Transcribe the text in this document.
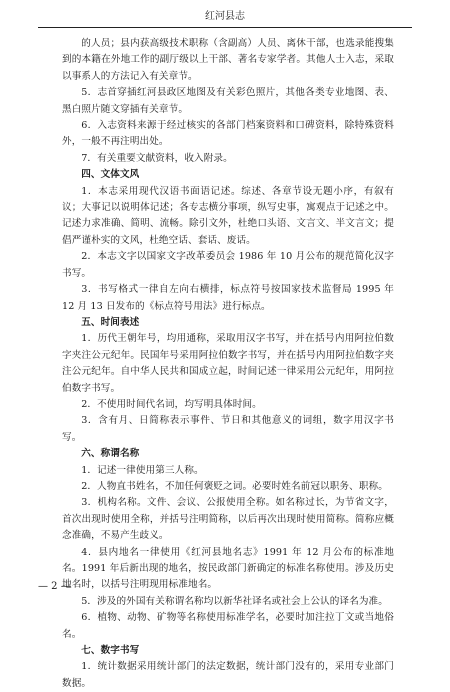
红河县志

的人员；县内获高级技术职称（含副高）人员、离休干部，也选录能搜集到的本籍在外地工作的副厅级以上干部、著名专家学者。其他人士入志，采取以事系人的方法记入有关章节。

5．志首穿插红河县政区地图及有关彩色照片，其他各类专业地图、表、黑白照片随文穿插有关章节。

6．入志资料来源于经过核实的各部门档案资料和口碑资料，除特殊资料外，一般不再注明出处。

7．有关重要文献资料，收入附录。

四、文体文风

1．本志采用现代汉语书面语记述。综述、各章节设无题小序，有叙有议；大事记以说明体记述；各专志横分事项，纵写史事，寓观点于记述之中。记述力求准确、简明、流畅。除引文外，杜绝口头语、文言文、半文言文；提倡严谨朴实的文风，杜绝空话、套话、废话。

2．本志文字以国家文字改革委员会 1986 年 10 月公布的规范简化汉字书写。

3．书写格式一律自左向右横排，标点符号按国家技术监督局 1995 年 12 月 13 日发布的《标点符号用法》进行标点。

五、时间表述

1．历代王朝年号，均用通称，采取用汉字书写，并在括号内用阿拉伯数字夹注公元纪年。民国年号采用阿拉伯数字书写，并在括号内用阿拉伯数字夹注公元纪年。自中华人民共和国成立起，时间记述一律采用公元纪年，用阿拉伯数字书写。

2．不使用时间代名词，均写明具体时间。

3．含有月、日简称表示事件、节日和其他意义的词组，数字用汉字书写。

六、称谓名称

1．记述一律使用第三人称。

2．人物直书姓名，不加任何褒贬之词。必要时姓名前冠以职务、职称。

3．机构名称。文件、会议、公报使用全称。如名称过长，为节省文字，首次出现时使用全称，并括号注明简称，以后再次出现时使用简称。简称应概念准确，不易产生歧义。

4．县内地名一律使用《红河县地名志》1991 年 12 月公布的标准地名。1991 年后新出现的地名，按民政部门新确定的标准名称使用。涉及历史地名时，以括号注明现用标准地名。

5．涉及的外国有关称谓名称均以新华社译名或社会上公认的译名为准。

6．植物、动物、矿物等名称使用标准学名，必要时加注拉丁文或当地俗名。

七、数字书写

1．统计数据采用统计部门的法定数据，统计部门没有的，采用专业部门数据。

— 2 —
